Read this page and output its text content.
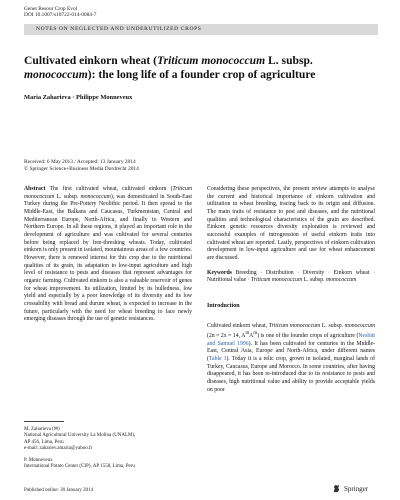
Genet Resour Crop Evol
DOI 10.1007/s10722-014-0084-7
NOTES ON NEGLECTED AND UNDERUTILIZED CROPS
Cultivated einkorn wheat (Triticum monococcum L. subsp. monococcum): the long life of a founder crop of agriculture
Maria Zaharieva · Philippe Monneveux
Received: 6 May 2013 / Accepted: 13 January 2014
© Springer Science+Business Media Dordrecht 2014

Abstract The first cultivated wheat, cultivated einkorn (Triticum monococcum L. subsp. monococcum), was domesticated in South-East Turkey during the Pre-Pottery Neolithic period. It then spread to the Middle-East, the Balkans and Caucasus, Turkmenistan, Central and Mediterranean Europe, North-Africa, and finally to Western and Northern Europe. In all these regions, it played an important role in the development of agriculture and was cultivated for several centuries before being replaced by free-threshing wheats. Today, cultivated einkorn is only present in isolated, mountainous areas of a few countries. However, there is renewed interest for this crop due to the nutritional qualities of its grain, its adaptation to low-input agriculture and high level of resistance to pests and diseases that represent advantages for organic farming. Cultivated einkorn is also a valuable reservoir of genes for wheat improvement. Its utilization, limited by its hulledness, low yield and especially by a poor knowledge of its diversity and its low crossability with bread and durum wheat, is expected to increase in the future, particularly with the need for wheat breeding to face newly emerging diseases through the use of genetic resistances.

Considering these perspectives, the present review attempts to analyse the current and historical importance of einkorn cultivation and utilization in wheat breeding, tracing back to its origin and diffusion. The main traits of resistance to pest and diseases, and the nutritional qualities and technological characteristics of the grain are described. Einkorn genetic resources diversity exploration is reviewed and successful examples of introgression of useful einkorn traits into cultivated wheat are reported. Lastly, perspectives of einkorn cultivation development in low-input agriculture and use for wheat enhancement are discussed.

Keywords Breeding · Distribution · Diversity · Einkorn wheat · Nutritional value · Triticum monococcum L. subsp. monococcum

Introduction

Cultivated einkorn wheat, Triticum monococcum L. subsp. monococcum (2n = 2x = 14, $A^mA^m$) is one of the founder crops of agriculture (Nesbitt and Samuel 1996). It has been cultivated for centuries in the Middle-East, Central Asia, Europe and North-Africa, under different names (Table 1). Today it is a relic crop, grown in isolated, marginal lands of Turkey, Caucasus, Europe and Morocco. In some countries, after having disappeared, it has been re-introduced due to its resistance to pests and diseases, high nutritional value and ability to provide acceptable yields on poor

M. Zaharieva (✉)

National Agricultural University La Molina (UNALM),

AP 456, Lima, Peru

e-mail: zahariev.amaria@yahoo.fr

P. Monneveux

International Potato Center (CIP), AP 1558, Lima, Peru

Published online: 30 January 2014	Springer
